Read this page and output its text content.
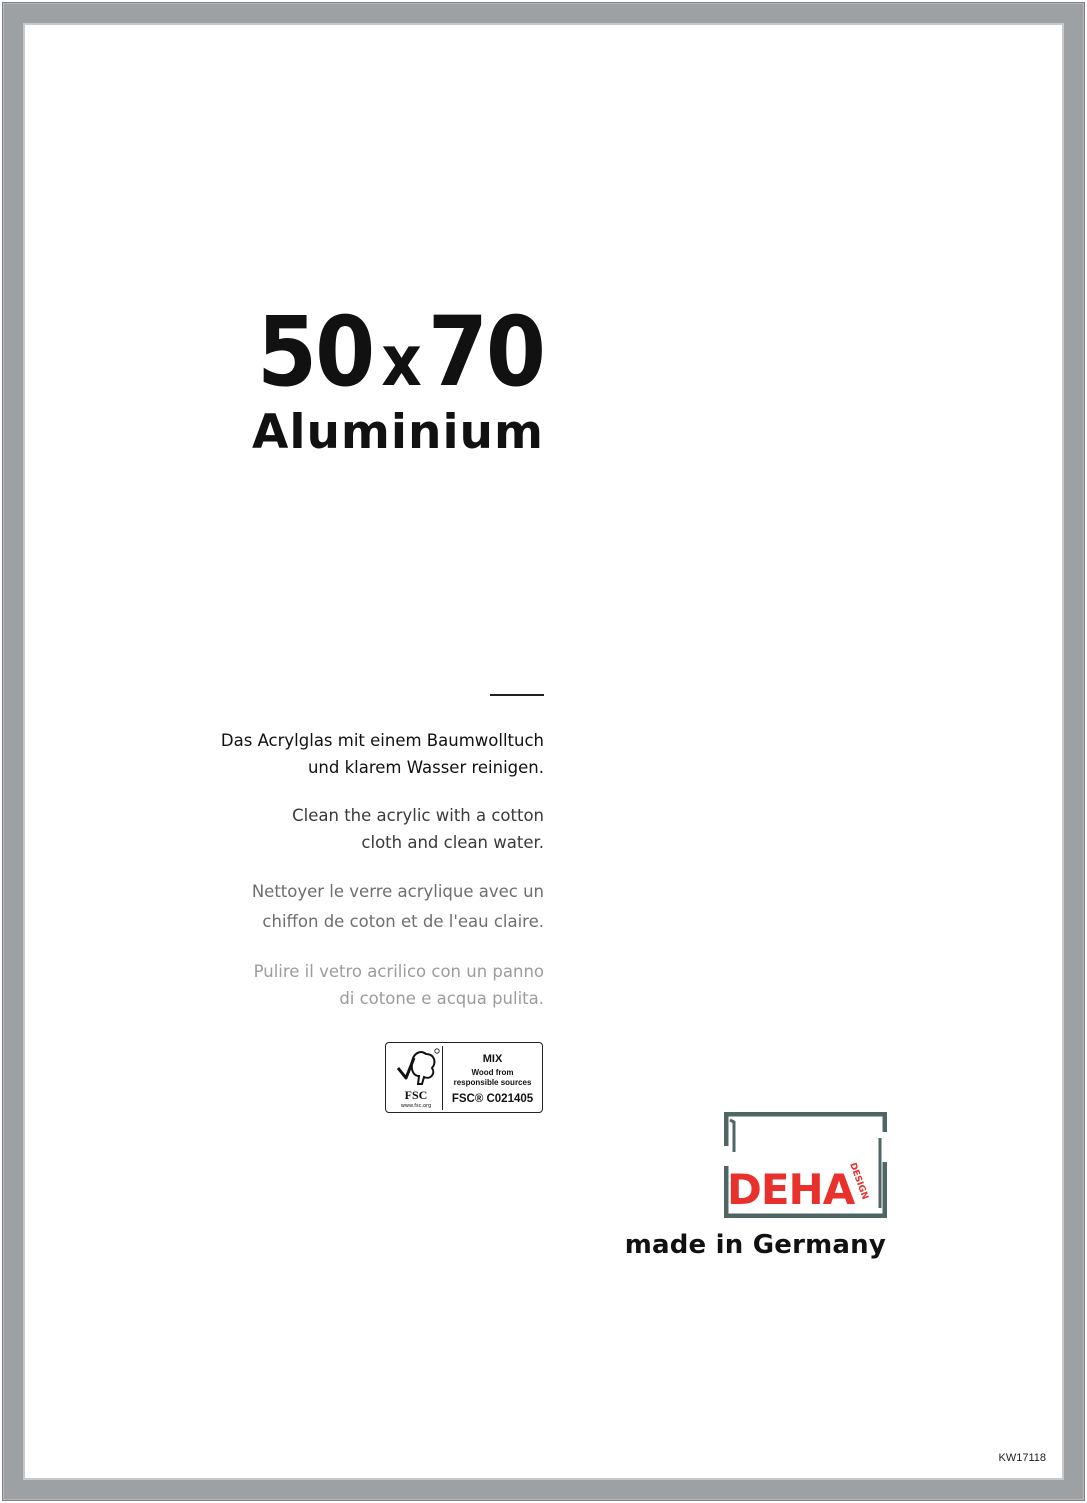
50 x70
Aluminium

Das Acrylglas mit einem Baumwolltuch
und klarem Wasser reinigen.

Clean the acrylic with a cotton
cloth and clean water.

Nettoyer le verre acrylique avec un
chiffon de coton et de l'eau claire.

Pulire il vetro acrilico con un panno
di cotone e acqua pulita.

FSC
www.fsc.org
MIX
Wood from
responsible sources
FSC® C021405
DEHA
DESIGN
made in Germany
KW17118
